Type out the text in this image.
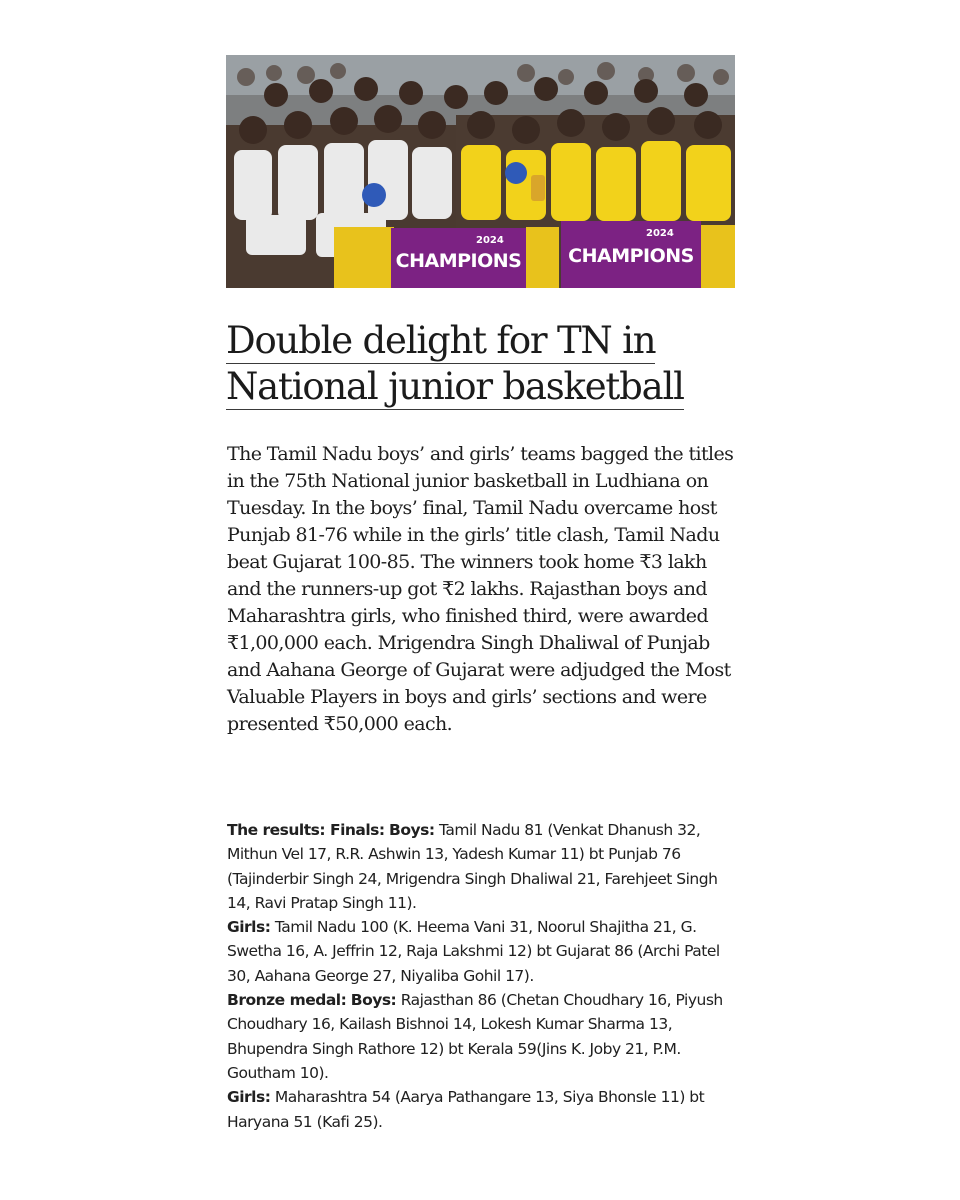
CHAMPIONS
2024
CHAMPIONS
2024
Double delight for TN in
National junior basketball

The Tamil Nadu boys’ and girls’ teams bagged the titles in the 75th National junior basketball in Ludhiana on Tuesday. In the boys’ final, Tamil Nadu overcame host Punjab 81-76 while in the girls’ title clash, Tamil Nadu beat Gujarat 100-85. The winners took home ₹3 lakh and the runners-up got ₹2 lakhs. Rajasthan boys and Maharashtra girls, who finished third, were awarded ₹1,00,000 each. Mrigendra Singh Dhaliwal of Punjab and Aahana George of Gujarat were adjudged the Most Valuable Players in boys and girls’ sections and were presented ₹50,000 each.

The results: Finals: Boys: Tamil Nadu 81 (Venkat Dhanush 32, Mithun Vel 17, R.R. Ashwin 13, Yadesh Kumar 11) bt Punjab 76 (Tajinderbir Singh 24, Mrigendra Singh Dhaliwal 21, Farehjeet Singh 14, Ravi Pratap Singh 11).

Girls: Tamil Nadu 100 (K. Heema Vani 31, Noorul Shajitha 21, G. Swetha 16, A. Jeffrin 12, Raja Lakshmi 12) bt Gujarat 86 (Archi Patel 30, Aahana George 27, Niyaliba Gohil 17).

Bronze medal: Boys: Rajasthan 86 (Chetan Choudhary 16, Piyush Choudhary 16, Kailash Bishnoi 14, Lokesh Kumar Sharma 13, Bhupendra Singh Rathore 12) bt Kerala 59(Jins K. Joby 21, P.M. Goutham 10).

Girls: Maharashtra 54 (Aarya Pathangare 13, Siya Bhonsle 11) bt Haryana 51 (Kafi 25).
